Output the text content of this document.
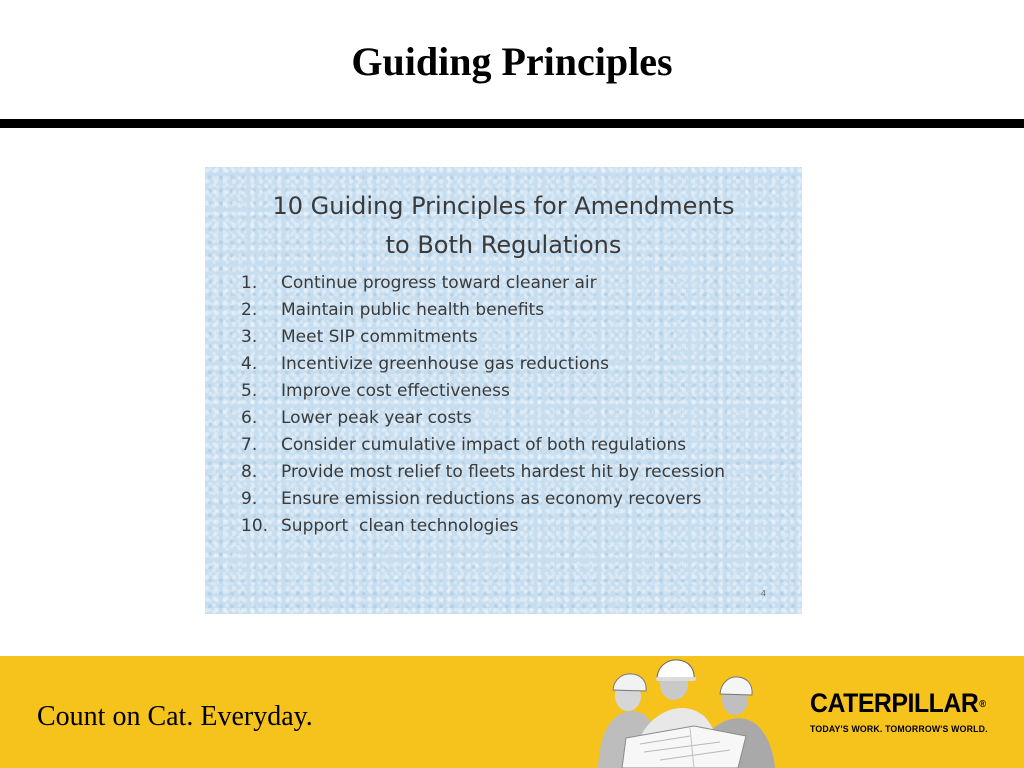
Guiding Principles
10 Guiding Principles for Amendments
to Both Regulations
1.	Continue progress toward cleaner air
2.	Maintain public health benefits
3.	Meet SIP commitments
4.	Incentivize greenhouse gas reductions
5.	Improve cost effectiveness
6.	Lower peak year costs
7.	Consider cumulative impact of both regulations
8.	Provide most relief to fleets hardest hit by recession
9.	Ensure emission reductions as economy recovers
10. Support  clean technologies
4
Count on Cat. Everyday.	CATERPILLAR®
TODAY'S WORK. TOMORROW'S WORLD.
